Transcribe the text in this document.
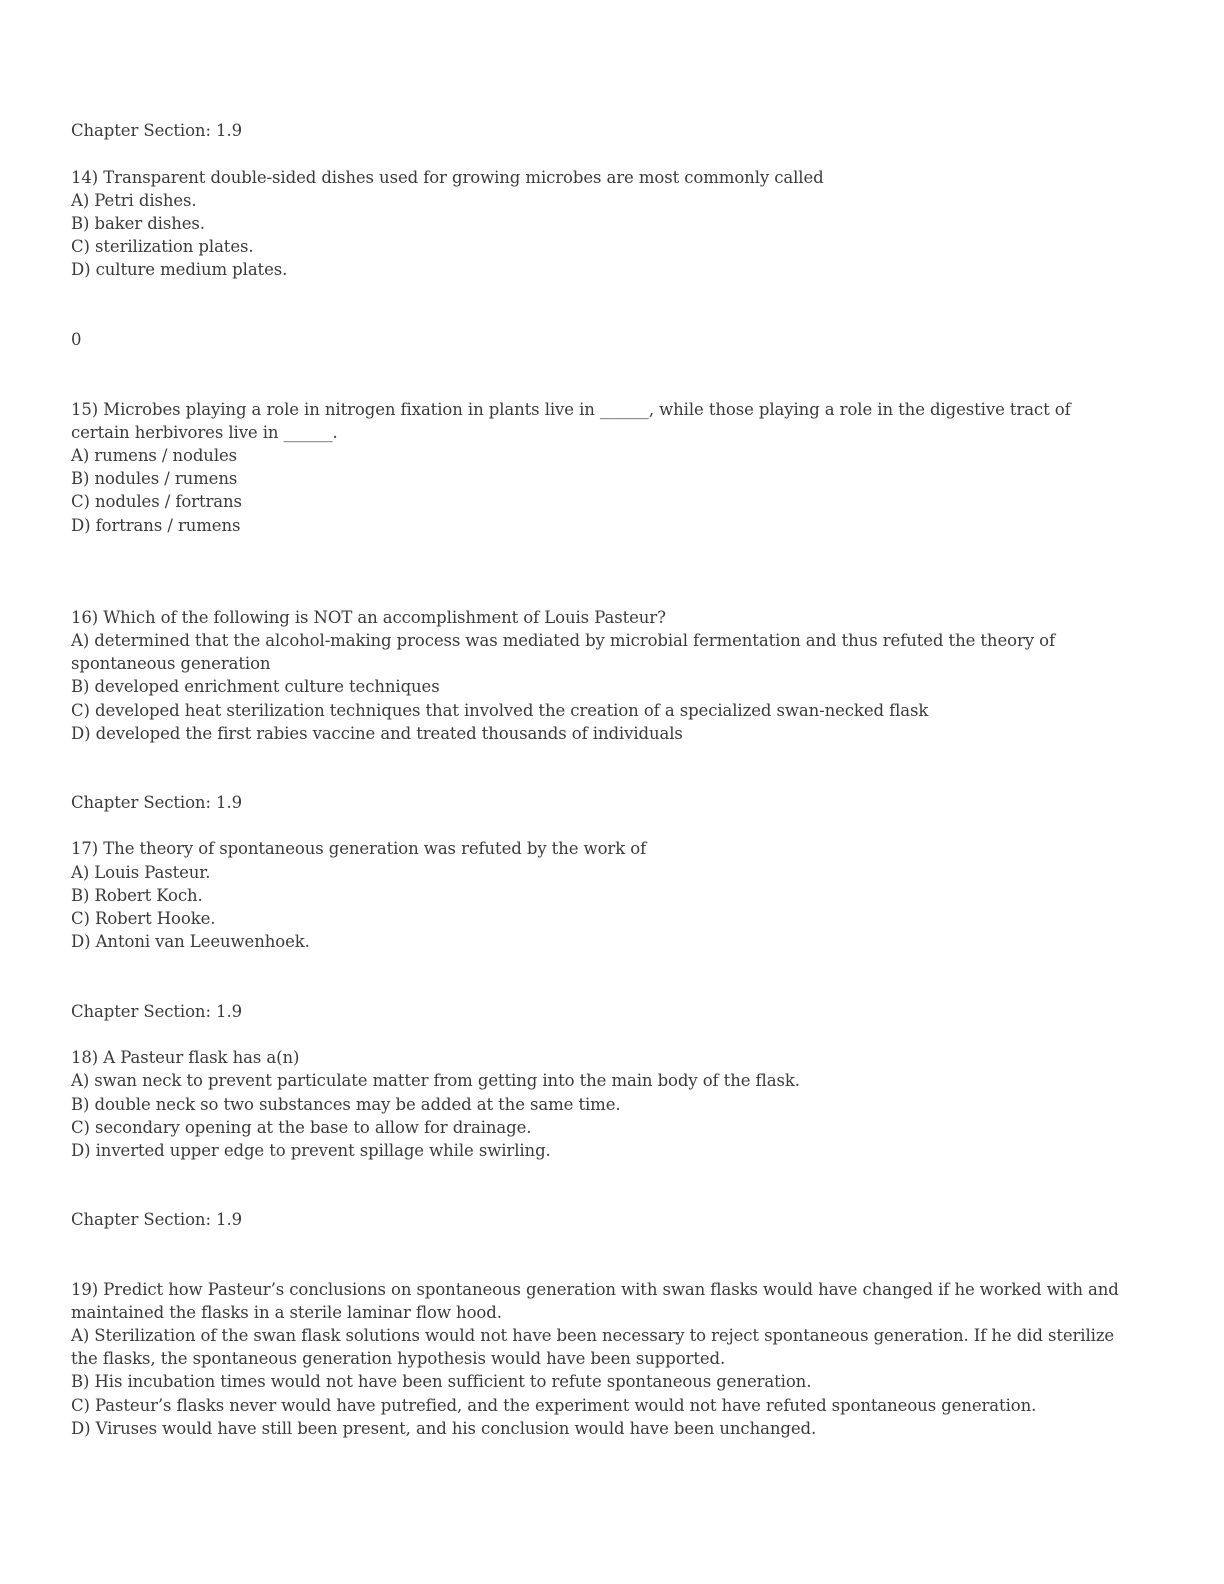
Chapter Section: 1.9
14) Transparent double-sided dishes used for growing microbes are most commonly called
A) Petri dishes.
B) baker dishes.
C) sterilization plates.
D) culture medium plates.
0
15) Microbes playing a role in nitrogen fixation in plants live in ______, while those playing a role in the digestive tract of
certain herbivores live in ______.
A) rumens / nodules
B) nodules / rumens
C) nodules / fortrans
D) fortrans / rumens
16) Which of the following is NOT an accomplishment of Louis Pasteur?
A) determined that the alcohol-making process was mediated by microbial fermentation and thus refuted the theory of
spontaneous generation
B) developed enrichment culture techniques
C) developed heat sterilization techniques that involved the creation of a specialized swan-necked flask
D) developed the first rabies vaccine and treated thousands of individuals
Chapter Section: 1.9
17) The theory of spontaneous generation was refuted by the work of
A) Louis Pasteur.
B) Robert Koch.
C) Robert Hooke.
D) Antoni van Leeuwenhoek.
Chapter Section: 1.9
18) A Pasteur flask has a(n)
A) swan neck to prevent particulate matter from getting into the main body of the flask.
B) double neck so two substances may be added at the same time.
C) secondary opening at the base to allow for drainage.
D) inverted upper edge to prevent spillage while swirling.
Chapter Section: 1.9
19) Predict how Pasteur’s conclusions on spontaneous generation with swan flasks would have changed if he worked with and
maintained the flasks in a sterile laminar flow hood.
A) Sterilization of the swan flask solutions would not have been necessary to reject spontaneous generation. If he did sterilize
the flasks, the spontaneous generation hypothesis would have been supported.
B) His incubation times would not have been sufficient to refute spontaneous generation.
C) Pasteur’s flasks never would have putrefied, and the experiment would not have refuted spontaneous generation.
D) Viruses would have still been present, and his conclusion would have been unchanged.
